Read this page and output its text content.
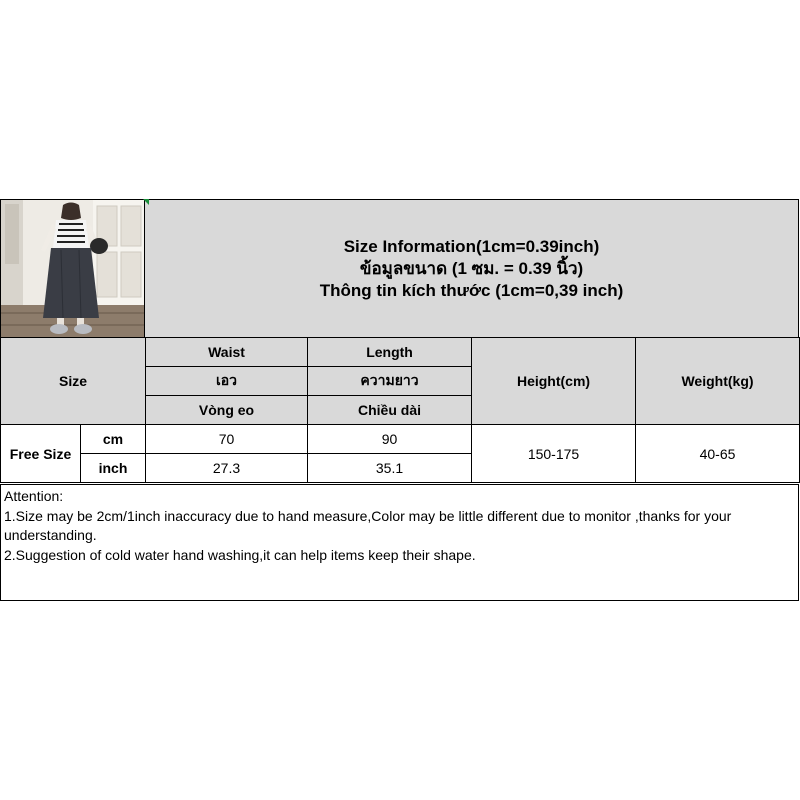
Size Information(1cm=0.39inch)
ข้อมูลขนาด (1 ซม. = 0.39 นิ้ว)
Thông tin kích thước (1cm=0,39 inch)
Size		Waist	Length	Height(cm)	Weight(kg)
		เอว	ความยาว		
		Vòng eo	Chiều dài		
Free Size	cm	70	90	150-175	40-65
	inch	27.3	35.1		
Attention:
1.Size may be 2cm/1inch inaccuracy due to hand measure,Color may be little different due to monitor ,thanks for your understanding.
2.Suggestion of cold water hand washing,it can help items keep their shape.
